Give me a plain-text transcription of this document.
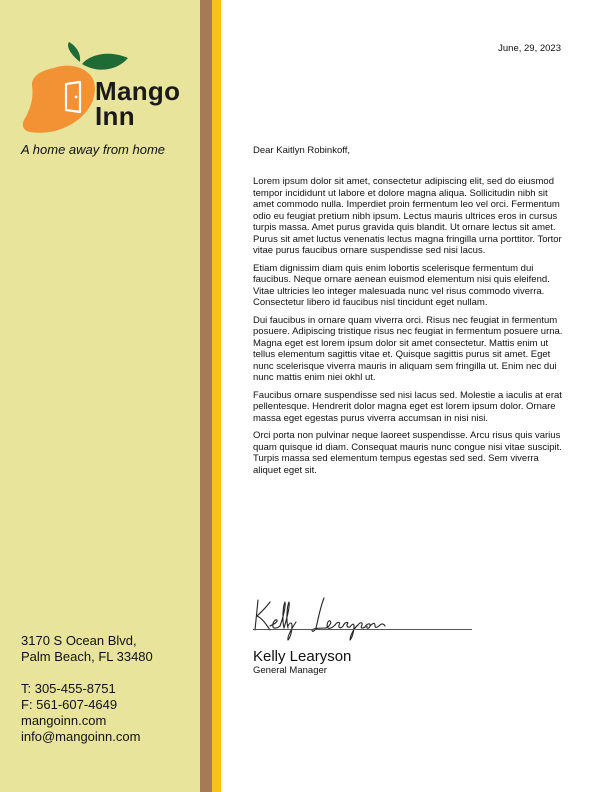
Mango
Inn
A home away from home
3170 S Ocean Blvd,
Palm Beach, FL 33480
T: 305-455-8751
F: 561-607-4649
mangoinn.com
info@mangoinn.com
June, 29, 2023
Dear Kaitlyn Robinkoff,

Lorem ipsum dolor sit amet, consectetur adipiscing elit, sed do eiusmod tempor incididunt ut labore et dolore magna aliqua. Sollicitudin nibh sit amet commodo nulla. Imperdiet proin fermentum leo vel orci. Fermentum odio eu feugiat pretium nibh ipsum. Lectus mauris ultrices eros in cursus turpis massa. Amet purus gravida quis blandit. Ut ornare lectus sit amet. Purus sit amet luctus venenatis lectus magna fringilla urna porttitor. Tortor vitae purus faucibus ornare suspendisse sed nisi lacus.

Etiam dignissim diam quis enim lobortis scelerisque fermentum dui faucibus. Neque ornare aenean euismod elementum nisi quis eleifend. Vitae ultricies leo integer malesuada nunc vel risus commodo viverra. Consectetur libero id faucibus nisl tincidunt eget nullam.

Dui faucibus in ornare quam viverra orci. Risus nec feugiat in fermentum posuere. Adipiscing tristique risus nec feugiat in fermentum posuere urna. Magna eget est lorem ipsum dolor sit amet consectetur. Mattis enim ut tellus elementum sagittis vitae et. Quisque sagittis purus sit amet. Eget nunc scelerisque viverra mauris in aliquam sem fringilla ut. Enim nec dui nunc mattis enim niei okhl ut.

Faucibus ornare suspendisse sed nisi lacus sed. Molestie a iaculis at erat pellentesque. Hendrerit dolor magna eget est lorem ipsum dolor. Ornare massa eget egestas purus viverra accumsan in nisi nisi.

Orci porta non pulvinar neque laoreet suspendisse. Arcu risus quis varius quam quisque id diam. Consequat mauris nunc congue nisi vitae suscipit. Turpis massa sed elementum tempus egestas sed sed. Sem viverra aliquet eget sit.

Kelly Learyson
General Manager
